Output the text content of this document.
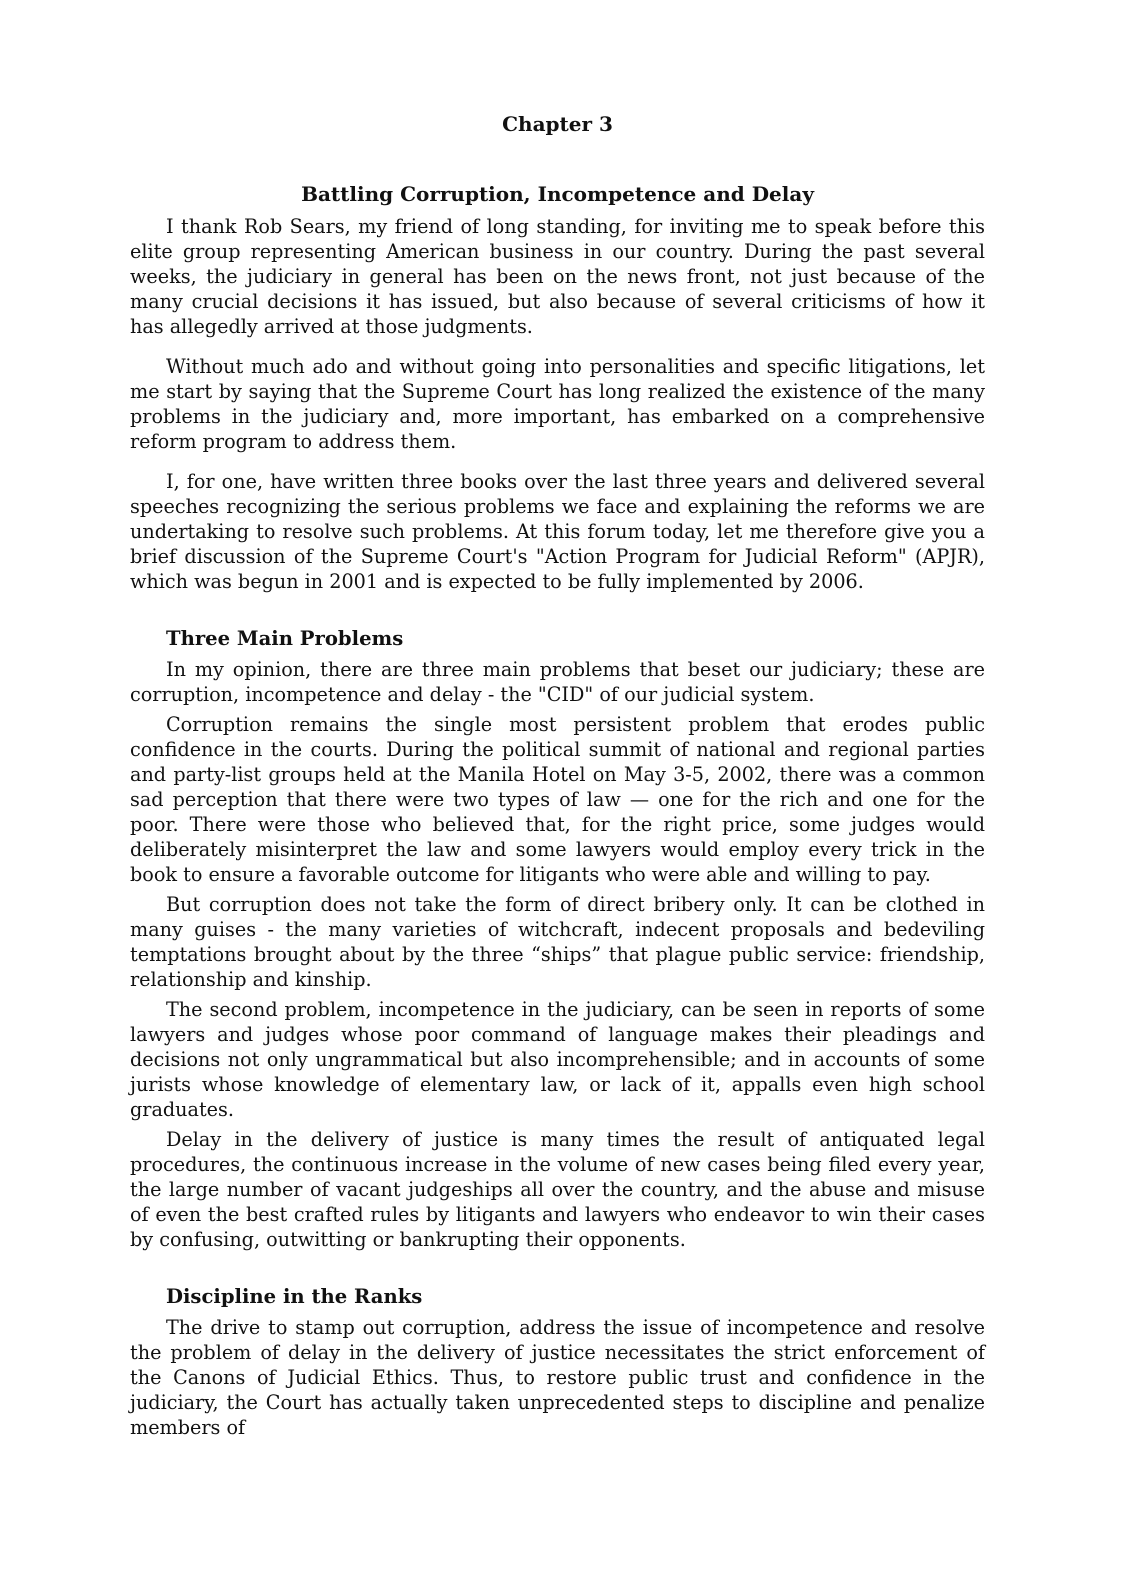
Chapter 3
Battling Corruption, Incompetence and Delay

I thank Rob Sears, my friend of long standing, for inviting me to speak before this elite group representing American business in our country. During the past several weeks, the judiciary in general has been on the news front, not just because of the many crucial decisions it has issued, but also because of several criticisms of how it has allegedly arrived at those judgments.

Without much ado and without going into personalities and specific litigations, let me start by saying that the Supreme Court has long realized the existence of the many problems in the judiciary and, more important, has embarked on a comprehensive reform program to address them.

I, for one, have written three books over the last three years and delivered several speeches recognizing the serious problems we face and explaining the reforms we are undertaking to resolve such problems. At this forum today, let me therefore give you a brief discussion of the Supreme Court's "Action Program for Judicial Reform" (APJR), which was begun in 2001 and is expected to be fully implemented by 2006.

Three Main Problems

In my opinion, there are three main problems that beset our judiciary; these are corruption, incompetence and delay - the "CID" of our judicial system.

Corruption remains the single most persistent problem that erodes public confidence in the courts. During the political summit of national and regional parties and party-list groups held at the Manila Hotel on May 3-5, 2002, there was a common sad perception that there were two types of law — one for the rich and one for the poor. There were those who believed that, for the right price, some judges would deliberately misinterpret the law and some lawyers would employ every trick in the book to ensure a favorable outcome for litigants who were able and willing to pay.

But corruption does not take the form of direct bribery only. It can be clothed in many guises - the many varieties of witchcraft, indecent proposals and bedeviling temptations brought about by the three “ships” that plague public service: friendship, relationship and kinship.

The second problem, incompetence in the judiciary, can be seen in reports of some lawyers and judges whose poor command of language makes their pleadings and decisions not only ungrammatical but also incomprehensible; and in accounts of some jurists whose knowledge of elementary law, or lack of it, appalls even high school graduates.

Delay in the delivery of justice is many times the result of antiquated legal procedures, the continuous increase in the volume of new cases being filed every year, the large number of vacant judgeships all over the country, and the abuse and misuse of even the best crafted rules by litigants and lawyers who endeavor to win their cases by confusing, outwitting or bankrupting their opponents.

Discipline in the Ranks

The drive to stamp out corruption, address the issue of incompetence and resolve the problem of delay in the delivery of justice necessitates the strict enforcement of the Canons of Judicial Ethics. Thus, to restore public trust and confidence in the judiciary, the Court has actually taken unprecedented steps to discipline and penalize members of
